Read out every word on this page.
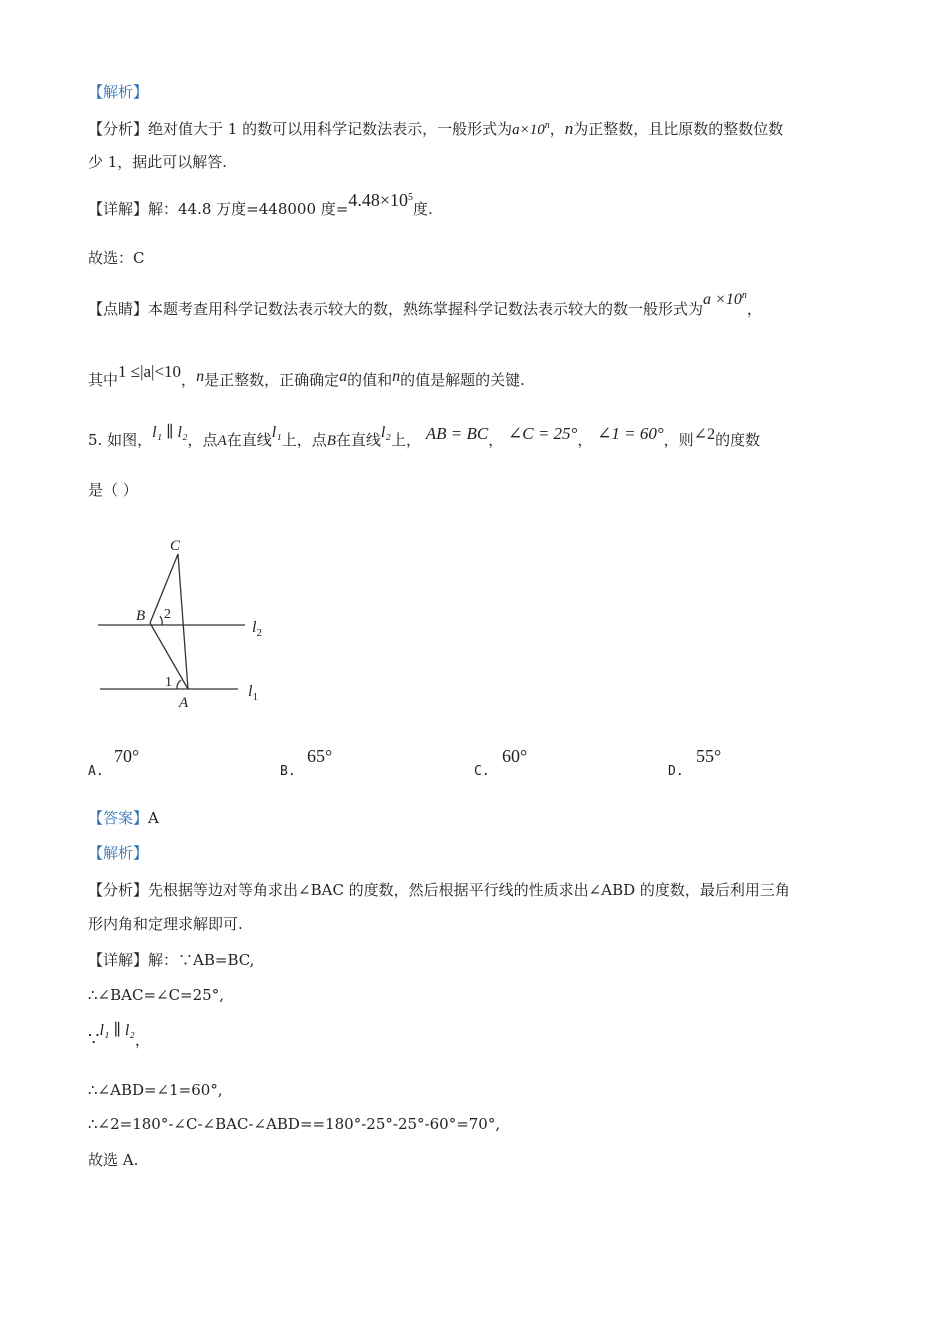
【解析】
【分析】绝对值大于 1 的数可以用科学记数法表示，一般形式为$a\times 10^n$，n为正整数，且比原数的整数位数
少 1，据此可以解答.
【详解】解：44.8 万度=448000 度$=4.48\times 10^5$度.
故选：C
【点睛】本题考查用科学记数法表示较大的数，熟练掌握科学记数法表示较大的数一般形式为$a \times 10^n$，
其中1 ≤|a|<10，n是正整数，正确确定a的值和n的值是解题的关键.
5. 如图，l₁ ∥ l₂，点A在直线l₁上，点B在直线l₂上， AB = BC， ∠C = 25°， ∠1 = 60°，则∠2的度数
是（ ）
C
B 2
$l_2$
1
A
$l_1$
A.
70°
B.
65°
C.
60°
D.
55°
【答案】A
【解析】
【分析】先根据等边对等角求出∠BAC 的度数，然后根据平行线的性质求出∠ABD 的度数，最后利用三角
形内角和定理求解即可.
【详解】解：∵AB=BC,
∴∠BAC=∠C=25°,
∵l₁ ∥ l₂，
∴∠ABD=∠1=60°,
∴∠2=180°-∠C-∠BAC-∠ABD==180°-25°-25°-60°=70°,
故选 A.
